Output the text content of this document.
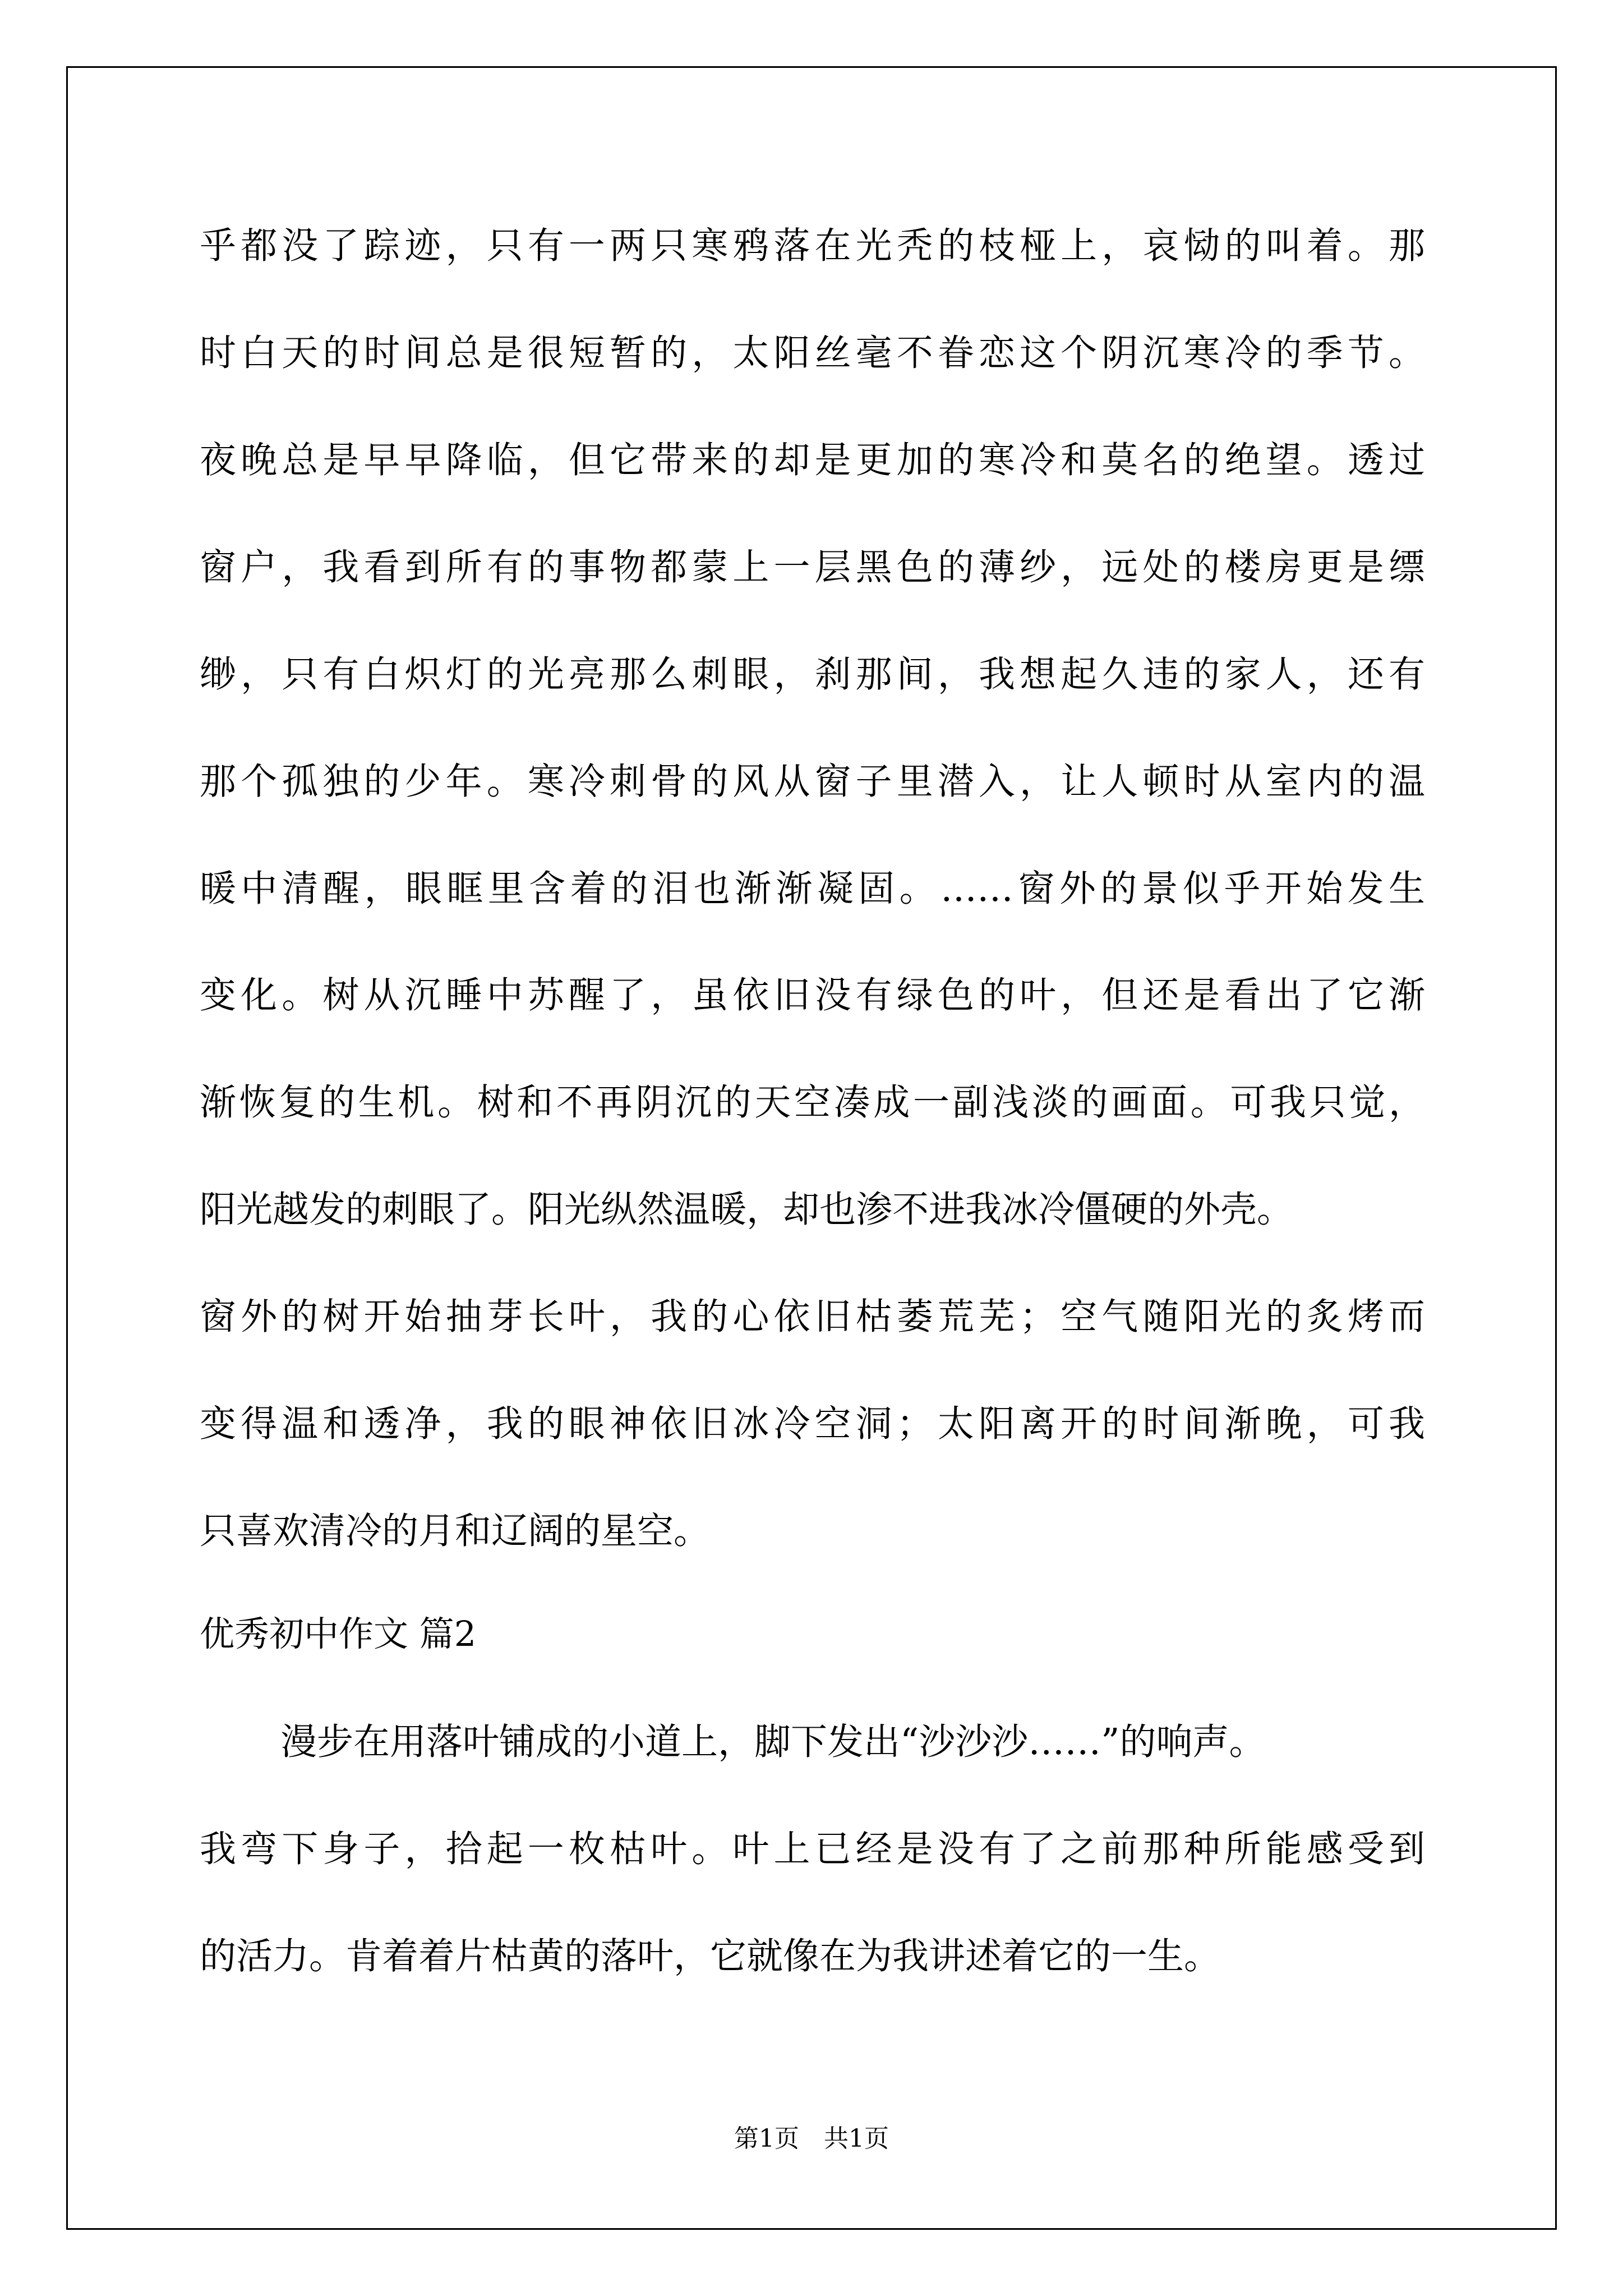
乎都没了踪迹，只有一两只寒鸦落在光秃的枝桠上，哀恸的叫着。那
时白天的时间总是很短暂的，太阳丝毫不眷恋这个阴沉寒冷的季节。
夜晚总是早早降临，但它带来的却是更加的寒冷和莫名的绝望。透过
窗户，我看到所有的事物都蒙上一层黑色的薄纱，远处的楼房更是缥
缈，只有白炽灯的光亮那么刺眼，刹那间，我想起久违的家人，还有
那个孤独的少年。寒冷刺骨的风从窗子里潜入，让人顿时从室内的温
暖中清醒，眼眶里含着的泪也渐渐凝固。……窗外的景似乎开始发生
变化。树从沉睡中苏醒了，虽依旧没有绿色的叶，但还是看出了它渐
渐恢复的生机。树和不再阴沉的天空凑成一副浅淡的画面。可我只觉，
阳光越发的刺眼了。阳光纵然温暖，却也渗不进我冰冷僵硬的外壳。
窗外的树开始抽芽长叶，我的心依旧枯萎荒芜；空气随阳光的炙烤而
变得温和透净，我的眼神依旧冰冷空洞；太阳离开的时间渐晚，可我
只喜欢清冷的月和辽阔的星空。
优秀初中作文 篇2
漫步在用落叶铺成的小道上，脚下发出“沙沙沙……”的响声。
我弯下身子，拾起一枚枯叶。叶上已经是没有了之前那种所能感受到
的活力。肯着着片枯黄的落叶，它就像在为我讲述着它的一生。
第1页　共1页
